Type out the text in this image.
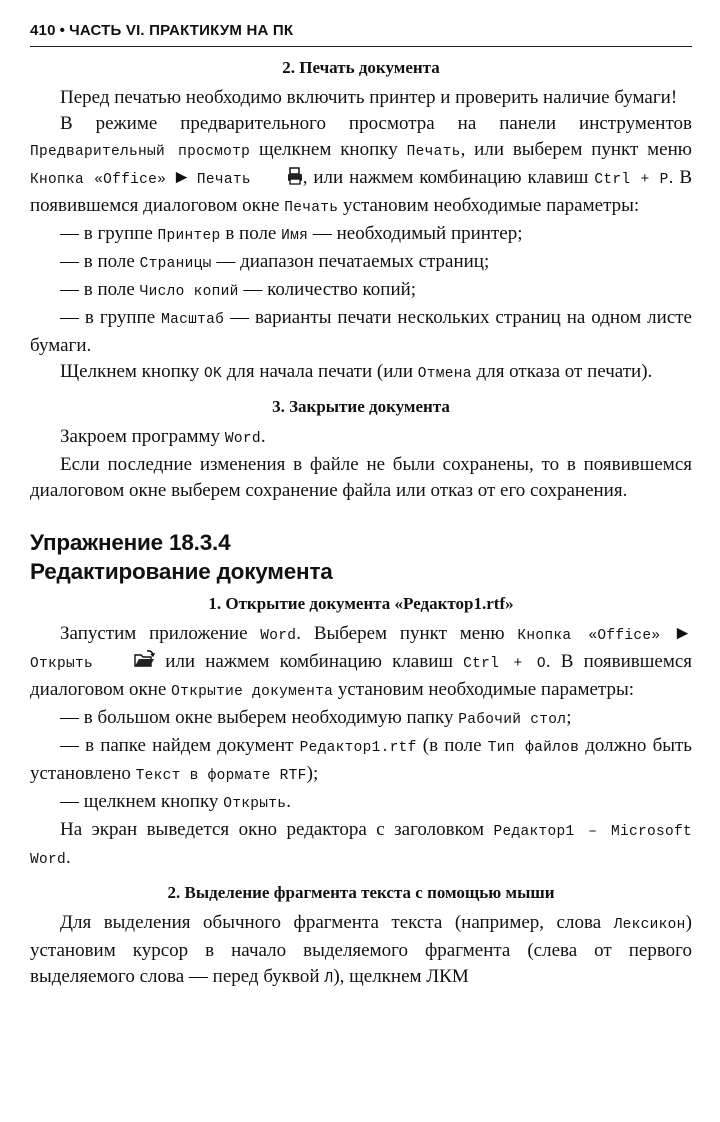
410 • ЧАСТЬ VI. ПРАКТИКУМ НА ПК

2. Печать документа

Перед печатью необходимо включить принтер и проверить наличие бумаги!

В режиме предварительного просмотра на панели инструментов Предварительный просмотр щелкнем кнопку Печать, или выберем пункт меню Кнопка «Office» ► Печать	, или нажмем комбинацию клавиш Ctrl + P. В появившемся диалоговом окне Печать установим необходимые параметры:

— в группе Принтер в поле Имя — необходимый принтер;

— в поле Страницы — диапазон печатаемых страниц;

— в поле Число копий — количество копий;

— в группе Масштаб — варианты печати нескольких страниц на одном листе бумаги.

Щелкнем кнопку OK для начала печати (или Отмена для отказа от печати).

3. Закрытие документа

Закроем программу Word.

Если последние изменения в файле не были сохранены, то в появившемся диалоговом окне выберем сохранение файла или отказ от его сохранения.

Упражнение 18.3.4

Редактирование документа

1. Открытие документа «Редактор1.rtf»

Запустим приложение Word. Выберем пункт меню Кнопка «Office» ► Открыть	или нажмем комбинацию клавиш Ctrl + O. В появившемся диалоговом окне Открытие документа установим необходимые параметры:

— в большом окне выберем необходимую папку Рабочий стол;

— в папке найдем документ Редактор1.rtf (в поле Тип файлов должно быть установлено Текст в формате RTF);

— щелкнем кнопку Открыть.

На экран выведется окно редактора с заголовком Редактор1 – Microsoft Word.

2. Выделение фрагмента текста с помощью мыши

Для выделения обычного фрагмента текста (например, слова Лексикон) установим курсор в начало выделяемого фрагмента (слева от первого выделяемого слова — перед буквой Л), щелкнем ЛКМ
